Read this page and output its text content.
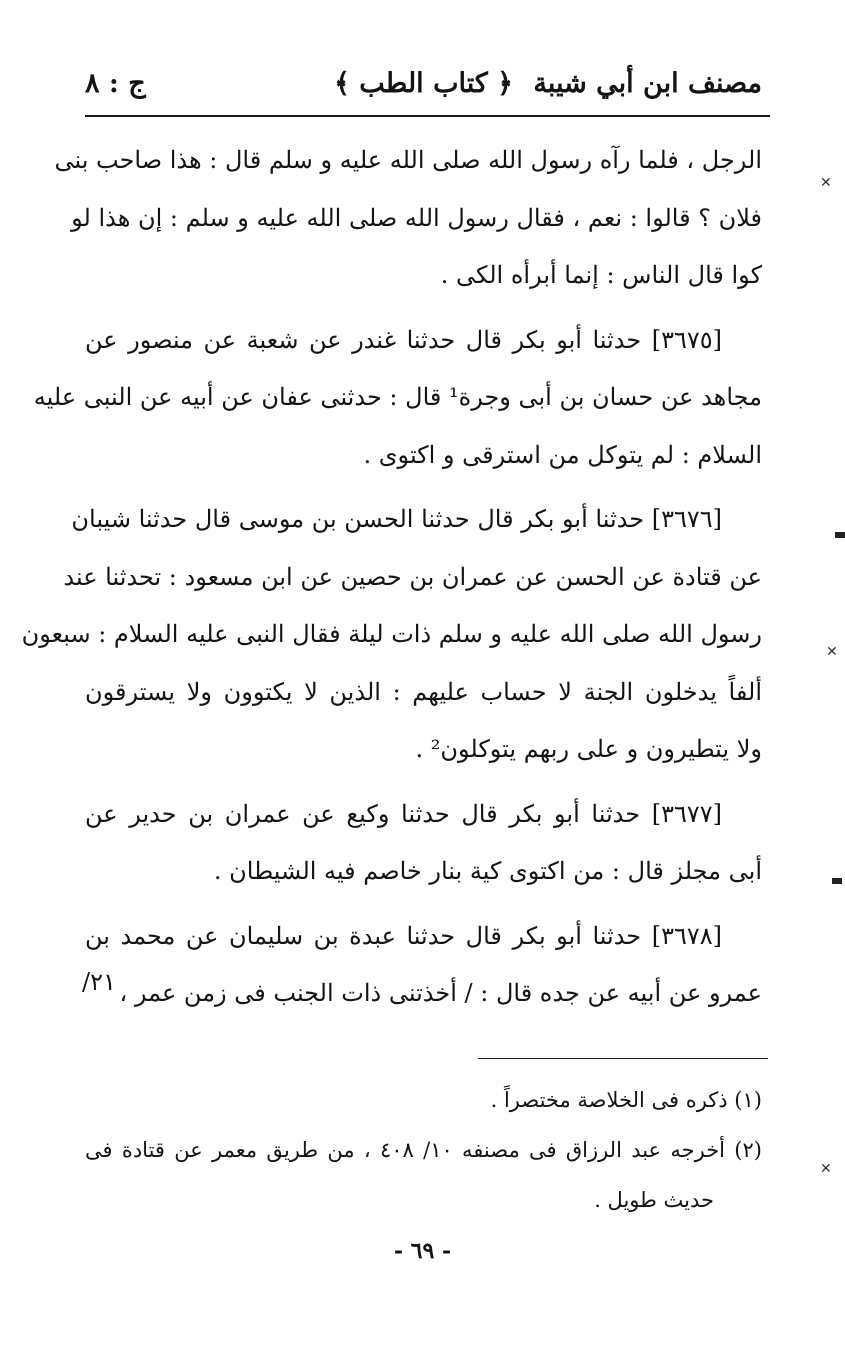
مصنف ابن أبي شيبة
﴿ كتاب الطب ﴾
ج : ٨
الرجل ، فلما رآه رسول الله صلى الله عليه و سلم قال : هذا صاحب بنى
فلان ؟ قالوا : نعم ، فقال رسول الله صلى الله عليه و سلم : إن هذا لو
كوا قال الناس : إنما أبرأه الكى .
[٣٦٧٥] حدثنا أبو بكر قال حدثنا غندر عن شعبة عن منصور عن
مجاهد عن حسان بن أبى وجرة¹ قال : حدثنى عفان عن أبيه عن النبى عليه
السلام : لم يتوكل من استرقى و اكتوى .
[٣٦٧٦] حدثنا أبو بكر قال حدثنا الحسن بن موسى قال حدثنا شيبان
عن قتادة عن الحسن عن عمران بن حصين عن ابن مسعود : تحدثنا عند
رسول الله صلى الله عليه و سلم ذات ليلة فقال النبى عليه السلام : سبعون
ألفاً يدخلون الجنة لا حساب عليهم : الذين لا يكتوون ولا يسترقون
ولا يتطيرون و على ربهم يتوكلون² .
[٣٦٧٧] حدثنا أبو بكر قال حدثنا وكيع عن عمران بن حدير عن
أبى مجلز قال : من اكتوى كية بنار خاصم فيه الشيطان .
[٣٦٧٨] حدثنا أبو بكر قال حدثنا عبدة بن سليمان عن محمد بن
عمرو عن أبيه عن جده قال : / أخذتنى ذات الجنب فى زمن عمر ،
٢١/
(١) ذكره فى الخلاصة مختصراً .
(٢) أخرجه عبد الرزاق فى مصنفه ١٠/ ٤٠٨ ، من طريق معمر عن قتادة فى
حديث طويل .
- ٦٩ -
✕
✕
✕
